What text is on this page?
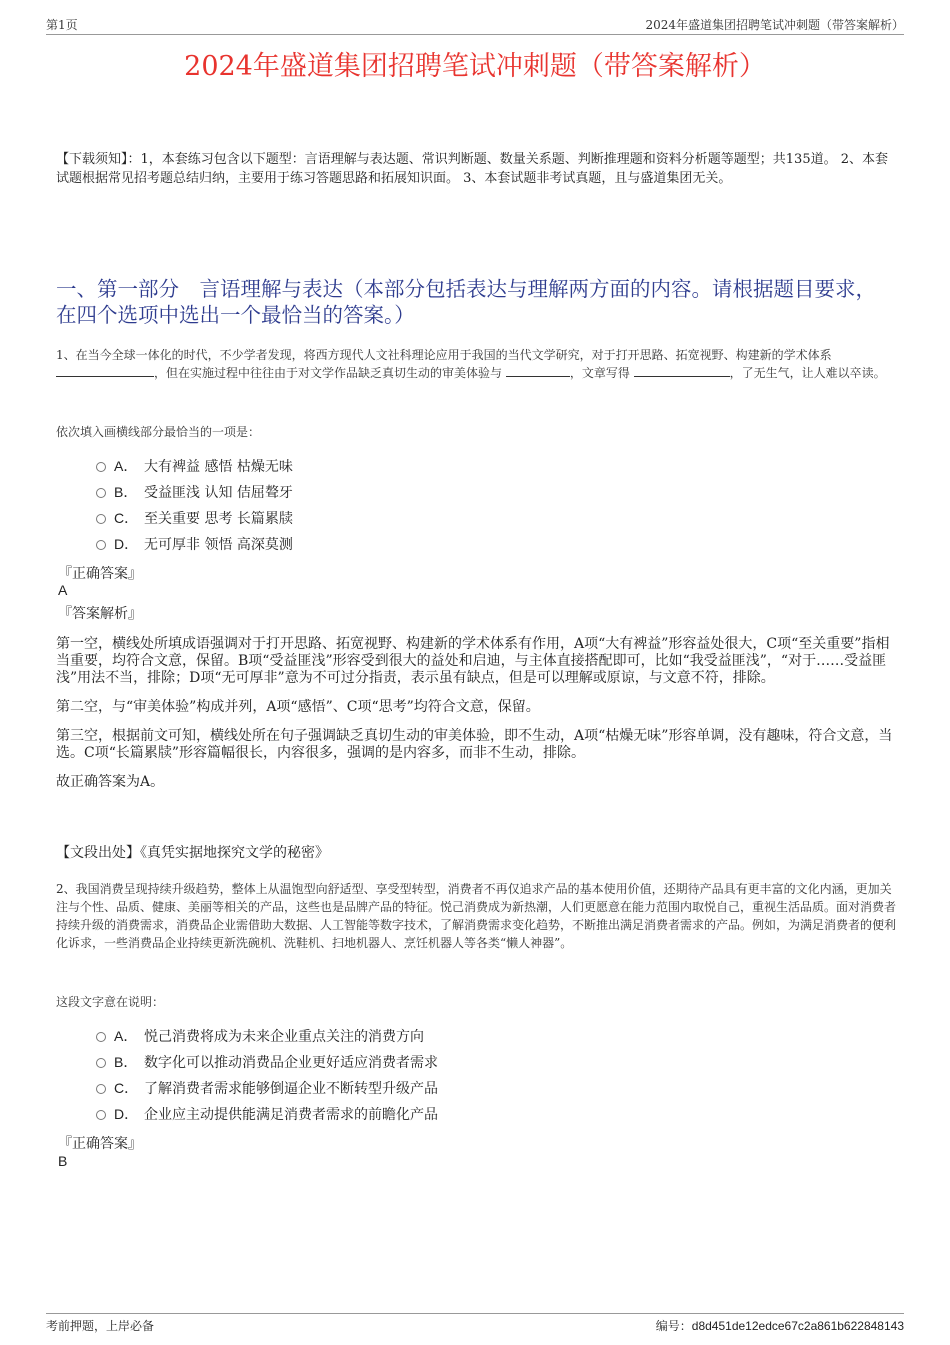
第1页	2024年盛道集团招聘笔试冲刺题（带答案解析）
2024年盛道集团招聘笔试冲刺题（带答案解析）
【下载须知】：1，本套练习包含以下题型：言语理解与表达题、常识判断题、数量关系题、判断推理题和资料分析题等题型；共135道。 2、本套试题根据常见招考题总结归纳，主要用于练习答题思路和拓展知识面。 3、本套试题非考试真题，且与盛道集团无关。
一、第一部分　言语理解与表达（本部分包括表达与理解两方面的内容。请根据题目要求，在四个选项中选出一个最恰当的答案。）
1、在当今全球一体化的时代，不少学者发现，将西方现代人文社科理论应用于我国的当代文学研究，对于打开思路、拓宽视野、构建新的学术体系 ，但在实施过程中往往由于对文学作品缺乏真切生动的审美体验与	，文章写得	，了无生气，让人难以卒读。
依次填入画横线部分最恰当的一项是：
A． 大有裨益 感悟 枯燥无味
B． 受益匪浅 认知 佶屈聱牙
C． 至关重要 思考 长篇累牍
D． 无可厚非 领悟 高深莫测
『正确答案』
A
『答案解析』

第一空，横线处所填成语强调对于打开思路、拓宽视野、构建新的学术体系有作用，A项“大有裨益”形容益处很大，C项“至关重要”指相当重要，均符合文意，保留。B项“受益匪浅”形容受到很大的益处和启迪，与主体直接搭配即可，比如“我受益匪浅”，“对于……受益匪浅”用法不当，排除；D项“无可厚非”意为不可过分指责，表示虽有缺点，但是可以理解或原谅，与文意不符，排除。

第二空，与“审美体验”构成并列，A项“感悟”、C项“思考”均符合文意，保留。

第三空，根据前文可知，横线处所在句子强调缺乏真切生动的审美体验，即不生动，A项“枯燥无味”形容单调，没有趣味，符合文意，当选。C项“长篇累牍”形容篇幅很长，内容很多，强调的是内容多，而非不生动，排除。

故正确答案为A。

【文段出处】《真凭实据地探究文学的秘密》
2、我国消费呈现持续升级趋势，整体上从温饱型向舒适型、享受型转型，消费者不再仅追求产品的基本使用价值，还期待产品具有更丰富的文化内涵，更加关注与个性、品质、健康、美丽等相关的产品，这些也是品牌产品的特征。悦己消费成为新热潮，人们更愿意在能力范围内取悦自己，重视生活品质。面对消费者持续升级的消费需求，消费品企业需借助大数据、人工智能等数字技术，了解消费需求变化趋势，不断推出满足消费者需求的产品。例如，为满足消费者的便利化诉求，一些消费品企业持续更新洗碗机、洗鞋机、扫地机器人、烹饪机器人等各类“懒人神器”。
这段文字意在说明：
A． 悦己消费将成为未来企业重点关注的消费方向
B． 数字化可以推动消费品企业更好适应消费者需求
C． 了解消费者需求能够倒逼企业不断转型升级产品
D． 企业应主动提供能满足消费者需求的前瞻化产品
『正确答案』
B
考前押题，上岸必备	编号：d8d451de12edce67c2a861b622848143
